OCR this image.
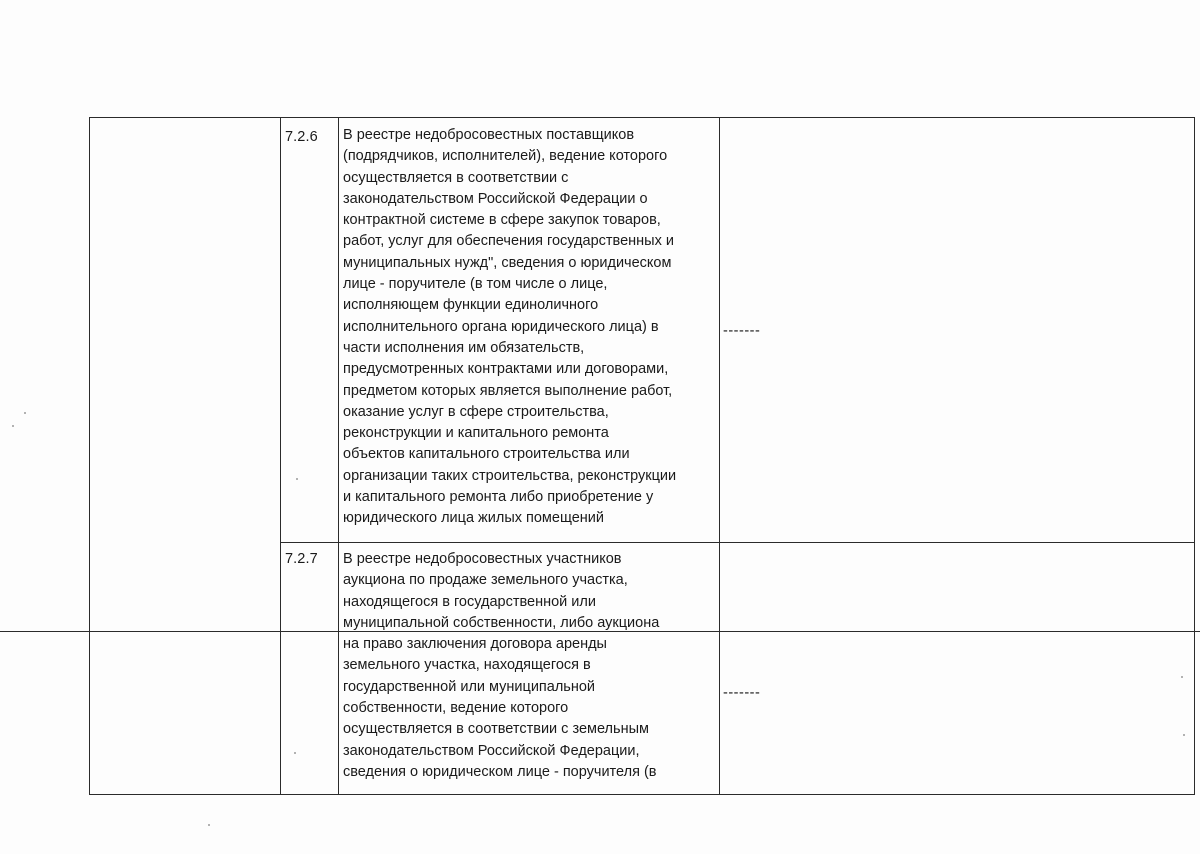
7.2.6 В реестре недобросовестных поставщиков
(подрядчиков, исполнителей), ведение которого
осуществляется в соответствии с
законодательством Российской Федерации о
контрактной системе в сфере закупок товаров,
работ, услуг для обеспечения государственных и
муниципальных нужд", сведения о юридическом
лице - поручителе (в том числе о лице,
исполняющем функции единоличного
исполнительного органа юридического лица) в
части исполнения им обязательств,
предусмотренных контрактами или договорами,
предметом которых является выполнение работ,
оказание услуг в сфере строительства,
реконструкции и капитального ремонта
объектов капитального строительства или
организации таких строительства, реконструкции
и капитального ремонта либо приобретение у
юридического лица жилых помещений
-------
7.2.7 В реестре недобросовестных участников
аукциона по продаже земельного участка,
находящегося в государственной или
муниципальной собственности, либо аукциона
на право заключения договора аренды
земельного участка, находящегося в
государственной или муниципальной
собственности, ведение которого
осуществляется в соответствии с земельным
законодательством Российской Федерации,
сведения о юридическом лице - поручителя (в
-------
